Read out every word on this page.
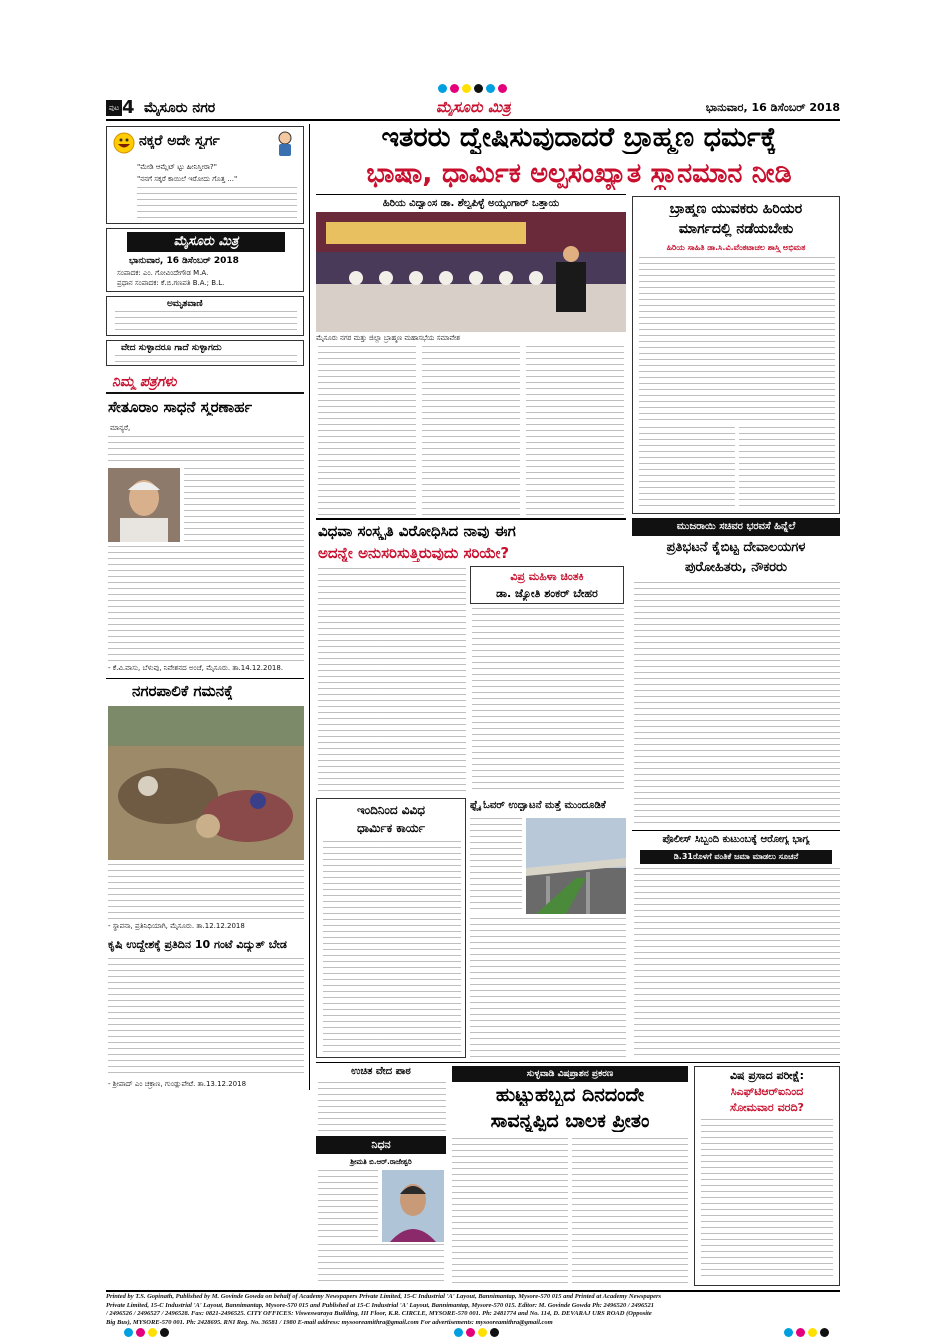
ಪುಟ 4 ಮೈಸೂರು ನಗರ	ಮೈಸೂರು ಮಿತ್ರ	ಭಾನುವಾರ, 16 ಡಿಸೆಂಬರ್ 2018
ನಕ್ಕರೆ ಅದೇ ಸ್ವರ್ಗ
"ಮೇಡಿ ಆಮ್ಲೆಟ್ ಟ್ಟು ಹೀನಿಸ್ತೀರಾ?"
"ನನಗೆ ಸಕ್ಕರೆ ಕಾಯಿಲೆ ಇರೋದು ಗೊತ್ತ ..."
ಮೈಸೂರು ಮಿತ್ರ
ಭಾನುವಾರ, 16 ಡಿಸೆಂಬರ್ 2018
ಸಂಪಾದಕ: ಎಂ. ಗೋವಿಂದೇಗೌಡ M.A.
ಪ್ರಧಾನ ಸಂಪಾದಕ: ಕೆ.ಬಿ.ಗಣಪತಿ B.A.; B.L.
ಅಮೃತವಾಣಿ
ವೇದ ಸುಳ್ಳಾದರೂ ಗಾದೆ ಸುಳ್ಳಾಗದು
ನಿಮ್ಮ ಪತ್ರಗಳು
ಸೇತೂರಾಂ ಸಾಧನೆ ಸ್ಮರಣಾರ್ಹ
ಮಾನ್ಯರೆ,
- ಕೆ.ವಿ.ವಾಸು, ಬೆಳುವು, ನಿವೇಶನದ ಅಂಚೆ, ಮೈಸೂರು. ತಾ.14.12.2018.
ನಗರಪಾಲಿಕೆ ಗಮನಕ್ಕೆ
- ಸ್ಥಾಪನಾ, ಪ್ರತಿನಿಧಿಯಾಗಿ, ಮೈಸೂರು. ತಾ.12.12.2018
ಕೃಷಿ ಉದ್ದೇಶಕ್ಕೆ ಪ್ರತಿದಿನ 10 ಗಂಟೆ ವಿದ್ಯುತ್ ಬೇಡ
- ಶ್ರೀಪಾದ್ ಎಂ ಚಕ್ರಾಣ, ಗುಂಡ್ಲುಪೇಟೆ. ತಾ.13.12.2018
ಇತರರು ದ್ವೇಷಿಸುವುದಾದರೆ ಬ್ರಾಹ್ಮಣ ಧರ್ಮಕ್ಕೆ
ಭಾಷಾ, ಧಾರ್ಮಿಕ ಅಲ್ಪಸಂಖ್ಯಾತ ಸ್ಥಾನಮಾನ ನೀಡಿ
ಹಿರಿಯ ವಿದ್ವಾಂಸ ಡಾ. ಶೆಲ್ವಪಿಳ್ಳೆ ಅಯ್ಯಂಗಾರ್ ಒತ್ತಾಯ
ಮೈಸೂರು ನಗರ ಮತ್ತು ಜಿಲ್ಲಾ ಬ್ರಾಹ್ಮಣ ಮಹಾಸಭೆಯ ಸಮಾವೇಶ
ಬ್ರಾಹ್ಮಣ ಯುವಕರು ಹಿರಿಯರ
ಮಾರ್ಗದಲ್ಲಿ ನಡೆಯಬೇಕು
ಹಿರಿಯ ಸಾಹಿತಿ ಡಾ.ಸಿ.ವಿ.ವೆಂಕಟಾಚಲ ಶಾಸ್ತ್ರಿ ಅಭಿಮತ
ವಿಧವಾ ಸಂಸ್ಕೃತಿ ವಿರೋಧಿಸಿದ ನಾವು ಈಗ
ಅದನ್ನೇ ಅನುಸರಿಸುತ್ತಿರುವುದು ಸರಿಯೇ?
ವಿಪ್ರ ಮಹಿಳಾ ಚಿಂತಕಿ
ಡಾ. ಜ್ಯೋತಿ ಶಂಕರ್ ಬೇಹರ
ಮುಜರಾಯಿ ಸಚಿವರ ಭರವಸೆ ಹಿನ್ನೆಲೆ
ಪ್ರತಿಭಟನೆ ಕೈಬಿಟ್ಟ ದೇವಾಲಯಗಳ
ಪುರೋಹಿತರು, ನೌಕರರು
ಇಂದಿನಿಂದ ವಿವಿಧ
ಧಾರ್ಮಿಕ ಕಾರ್ಯ
ಫ್ಲೈ ಓವರ್ ಉದ್ಘಾಟನೆ ಮತ್ತೆ ಮುಂದೂಡಿಕೆ
ಪೊಲೀಸ್ ಸಿಬ್ಬಂದಿ ಕುಟುಂಬಕ್ಕೆ ಆರೋಗ್ಯ ಭಾಗ್ಯ
ಡಿ.31ರೊಳಗೆ ವಂತಿಕೆ ಜಮಾ ಮಾಡಲು ಸೂಚನೆ
ಉಚಿತ ವೇದ ಪಾಠ
ನಿಧನ
ಶ್ರೀಮತಿ ಬಿ.ಆರ್.ರಾಜೇಶ್ವರಿ
ಸುಳ್ಳವಾಡಿ ವಿಷಪ್ರಾಶನ ಪ್ರಕರಣ
ಹುಟ್ಟುಹಬ್ಬದ ದಿನದಂದೇ
ಸಾವನ್ನಪ್ಪಿದ ಬಾಲಕ ಪ್ರೀತಂ
ವಿಷ ಪ್ರಸಾದ ಪರೀಕ್ಷೆ:
ಸಿಎಫ್‌ಟಿಆರ್‌ಐನಿಂದ
ಸೋಮವಾರ ವರದಿ?
Printed by T.S. Gopinath, Published by M. Govinde Gowda on behalf of Academy Newspapers Private Limited, 15-C Industrial 'A' Layout, Bannimantap, Mysore-570 015 and Printed at Academy Newspapers
Private Limited, 15-C Industrial 'A' Layout, Bannimantap, Mysore-570 015 and Published at 15-C Industrial 'A' Layout, Bannimantap, Mysore-570 015. Editor: M. Govinde Gowda Ph: 2496520 / 2496521
/ 2496526 / 2496527 / 2496528. Fax: 0821-2496525. CITY OFFICES: Visweswaraya Building, III Floor, K.R. CIRCLE, MYSORE-570 001. Ph: 2481774 and No. 114, D. DEVARAJ URS ROAD (Opposite
Big Bus), MYSORE-570 001. Ph: 2428695. RNI Reg. No. 36581 / 1980 E-mail address: mysooreamithra@gmail.com For advertisements: mysooreamithra@gmail.com
